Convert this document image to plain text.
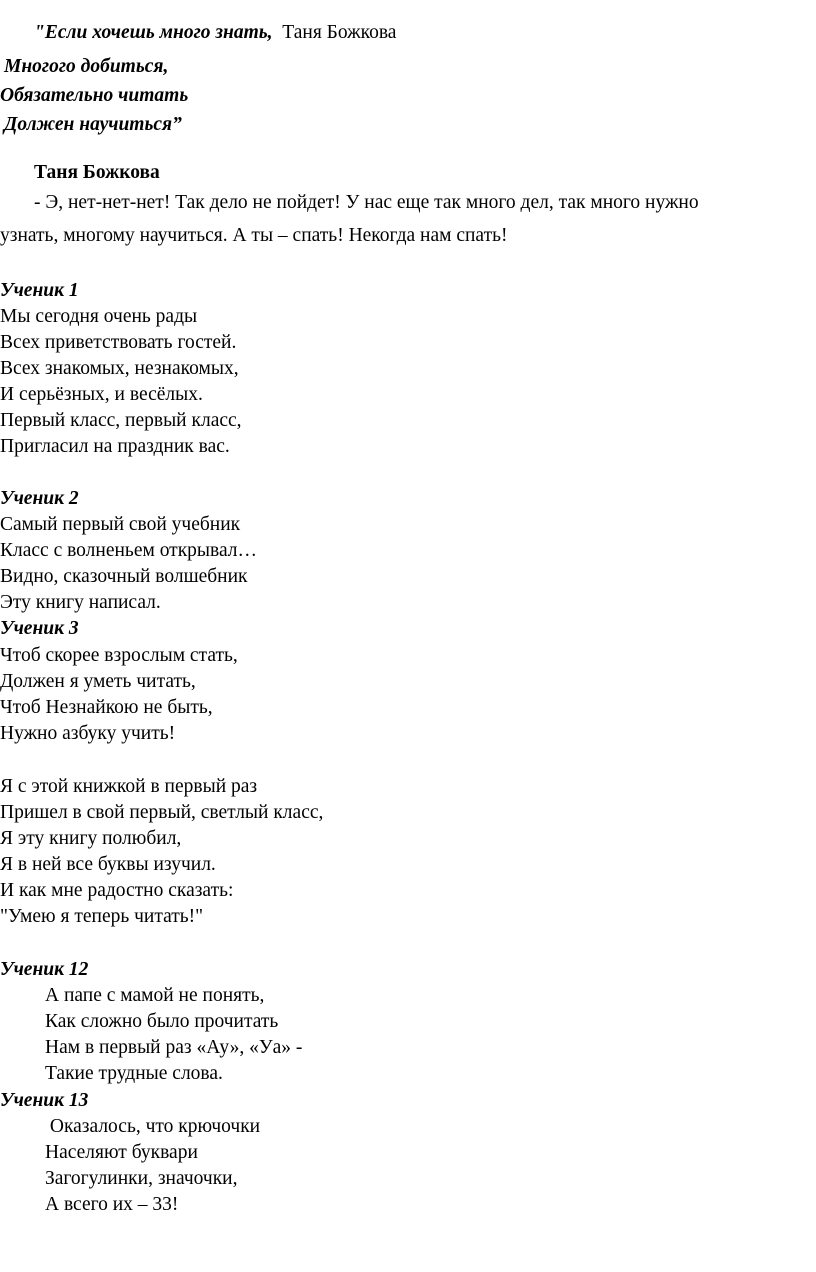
"Если хочешь много знать, Таня Божкова
Многого добиться,
Обязательно читать
Должен научиться”
Таня Божкова
- Э, нет-нет-нет! Так дело не пойдет! У нас еще так много дел, так много нужно
узнать, многому научиться. А ты – спать! Некогда нам спать!
Ученик 1
Мы сегодня очень рады
Всех приветствовать гостей.
Всех знакомых, незнакомых,
И серьёзных, и весёлых.
Первый класс, первый класс,
Пригласил на праздник вас.
Ученик 2
Самый первый свой учебник
Класс с волненьем открывал…
Видно, сказочный волшебник
Эту книгу написал.
Ученик 3
Чтоб скорее взрослым стать,
Должен я уметь читать,
Чтоб Незнайкою не быть,
Нужно азбуку учить!
Я с этой книжкой в первый раз
Пришел в свой первый, светлый класс,
Я эту книгу полюбил,
Я в ней все буквы изучил.
И как мне радостно сказать:
"Умею я теперь читать!"
Ученик 12
А папе с мамой не понять,
Как сложно было прочитать
Нам в первый раз «Ау», «Уа» -
Такие трудные слова.
Ученик 13
Оказалось, что крючочки
Населяют буквари
Загогулинки, значочки,
А всего их – 33!
